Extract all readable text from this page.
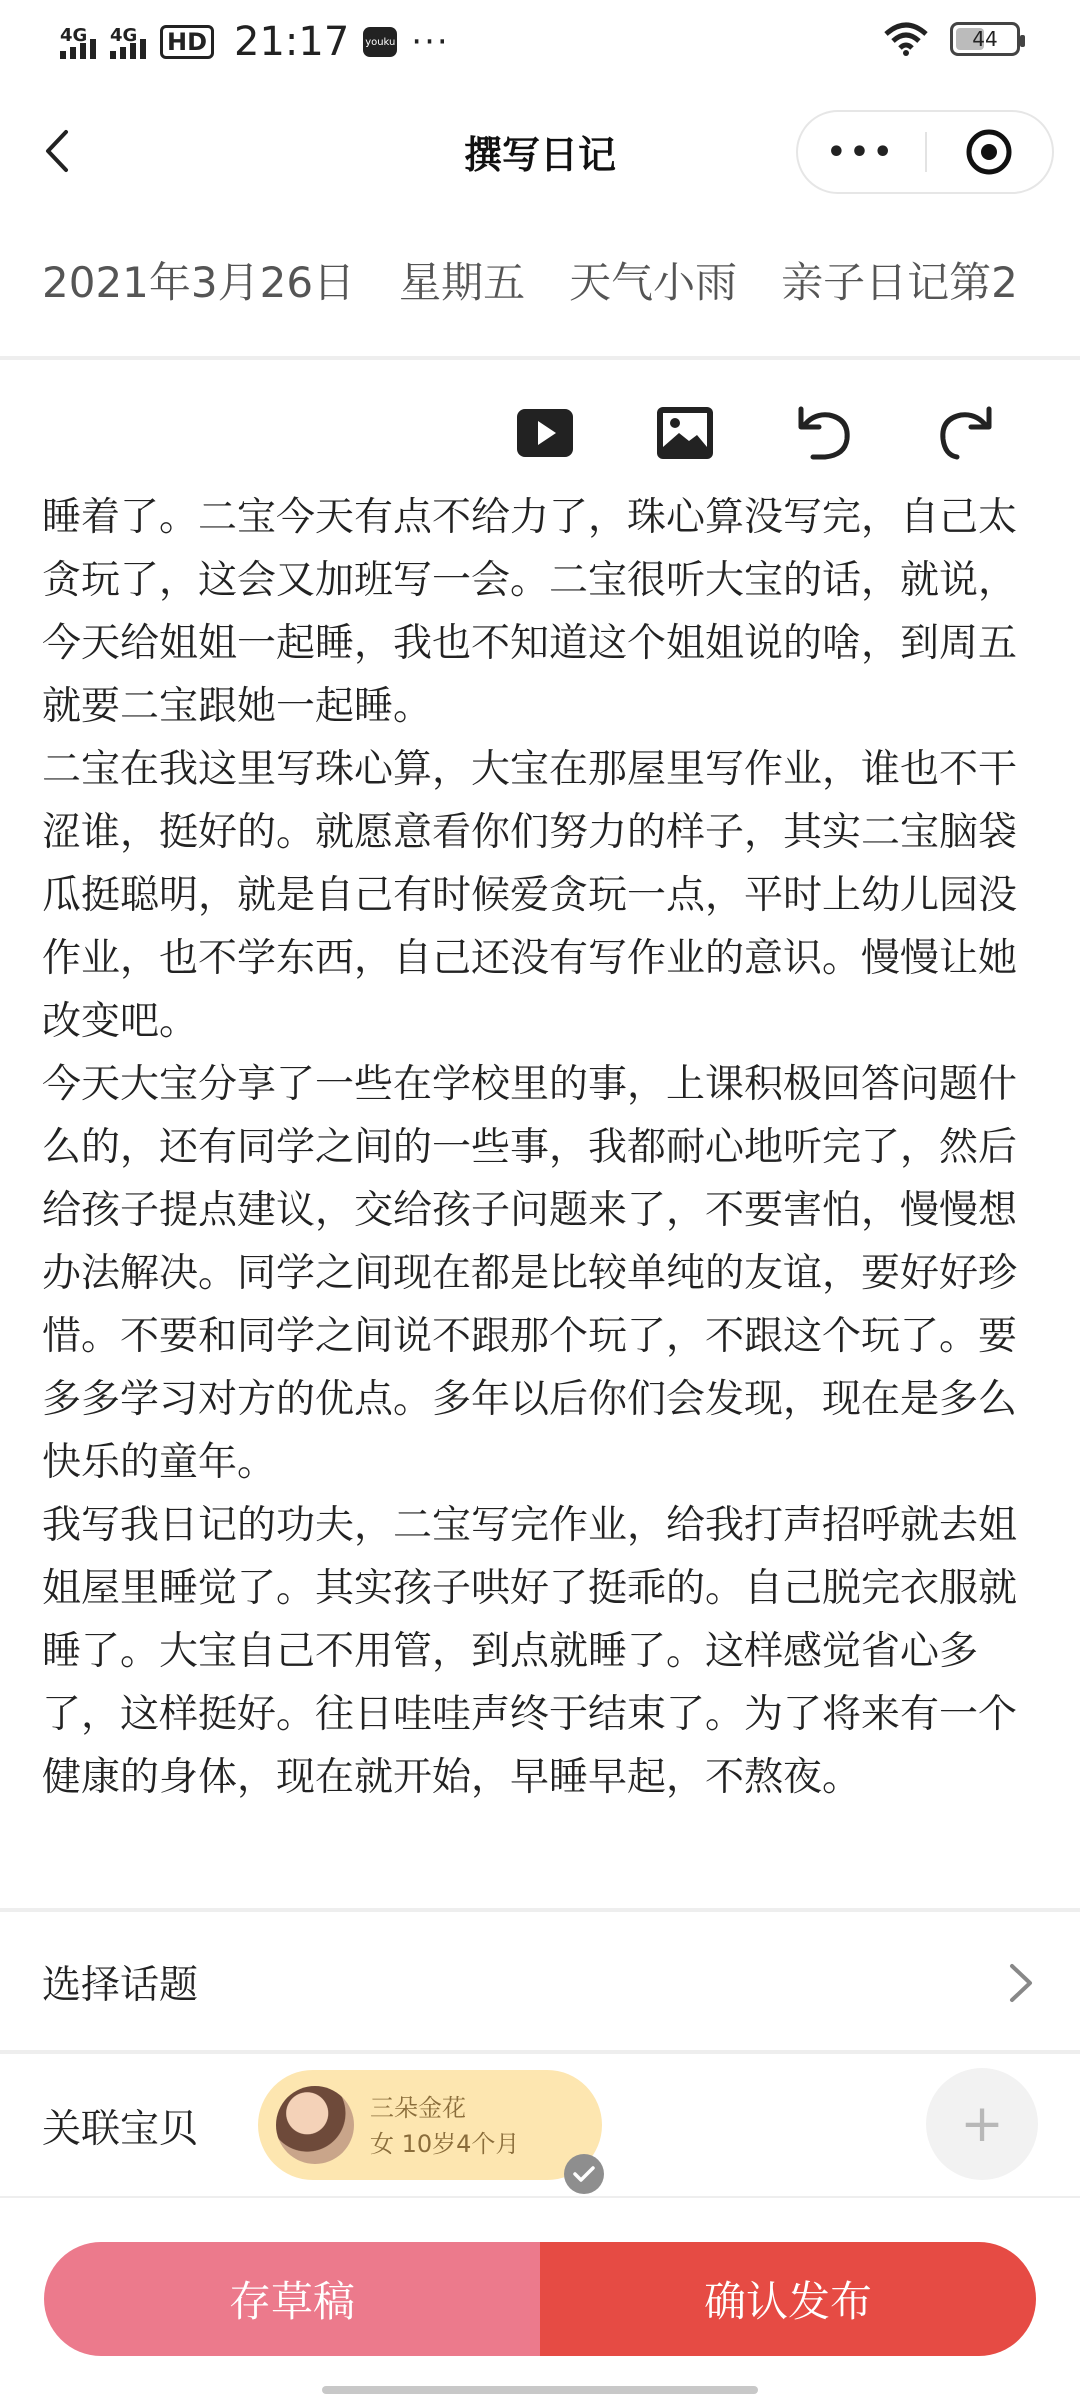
4G 4G HD 21:17 youku ···	44
撰写日记	•••
2021年3月26日 星期五 天气小雨 亲子日记第2

睡着了。二宝今天有点不给力了，珠心算没写完，自己太贪玩了，这会又加班写一会。二宝很听大宝的话，就说，今天给姐姐一起睡，我也不知道这个姐姐说的啥，到周五就要二宝跟她一起睡。

二宝在我这里写珠心算，大宝在那屋里写作业，谁也不干涩谁，挺好的。就愿意看你们努力的样子，其实二宝脑袋瓜挺聪明，就是自己有时候爱贪玩一点，平时上幼儿园没作业，也不学东西，自己还没有写作业的意识。慢慢让她改变吧。

今天大宝分享了一些在学校里的事，上课积极回答问题什么的，还有同学之间的一些事，我都耐心地听完了，然后给孩子提点建议，交给孩子问题来了，不要害怕，慢慢想办法解决。同学之间现在都是比较单纯的友谊，要好好珍惜。不要和同学之间说不跟那个玩了，不跟这个玩了。要多多学习对方的优点。多年以后你们会发现，现在是多么快乐的童年。

我写我日记的功夫，二宝写完作业，给我打声招呼就去姐姐屋里睡觉了。其实孩子哄好了挺乖的。自己脱完衣服就睡了。大宝自己不用管，到点就睡了。这样感觉省心多了，这样挺好。往日哇哇声终于结束了。为了将来有一个健康的身体，现在就开始，早睡早起，不熬夜。

选择话题
关联宝贝	三朵金花
女 10岁4个月	+
存草稿	确认发布
